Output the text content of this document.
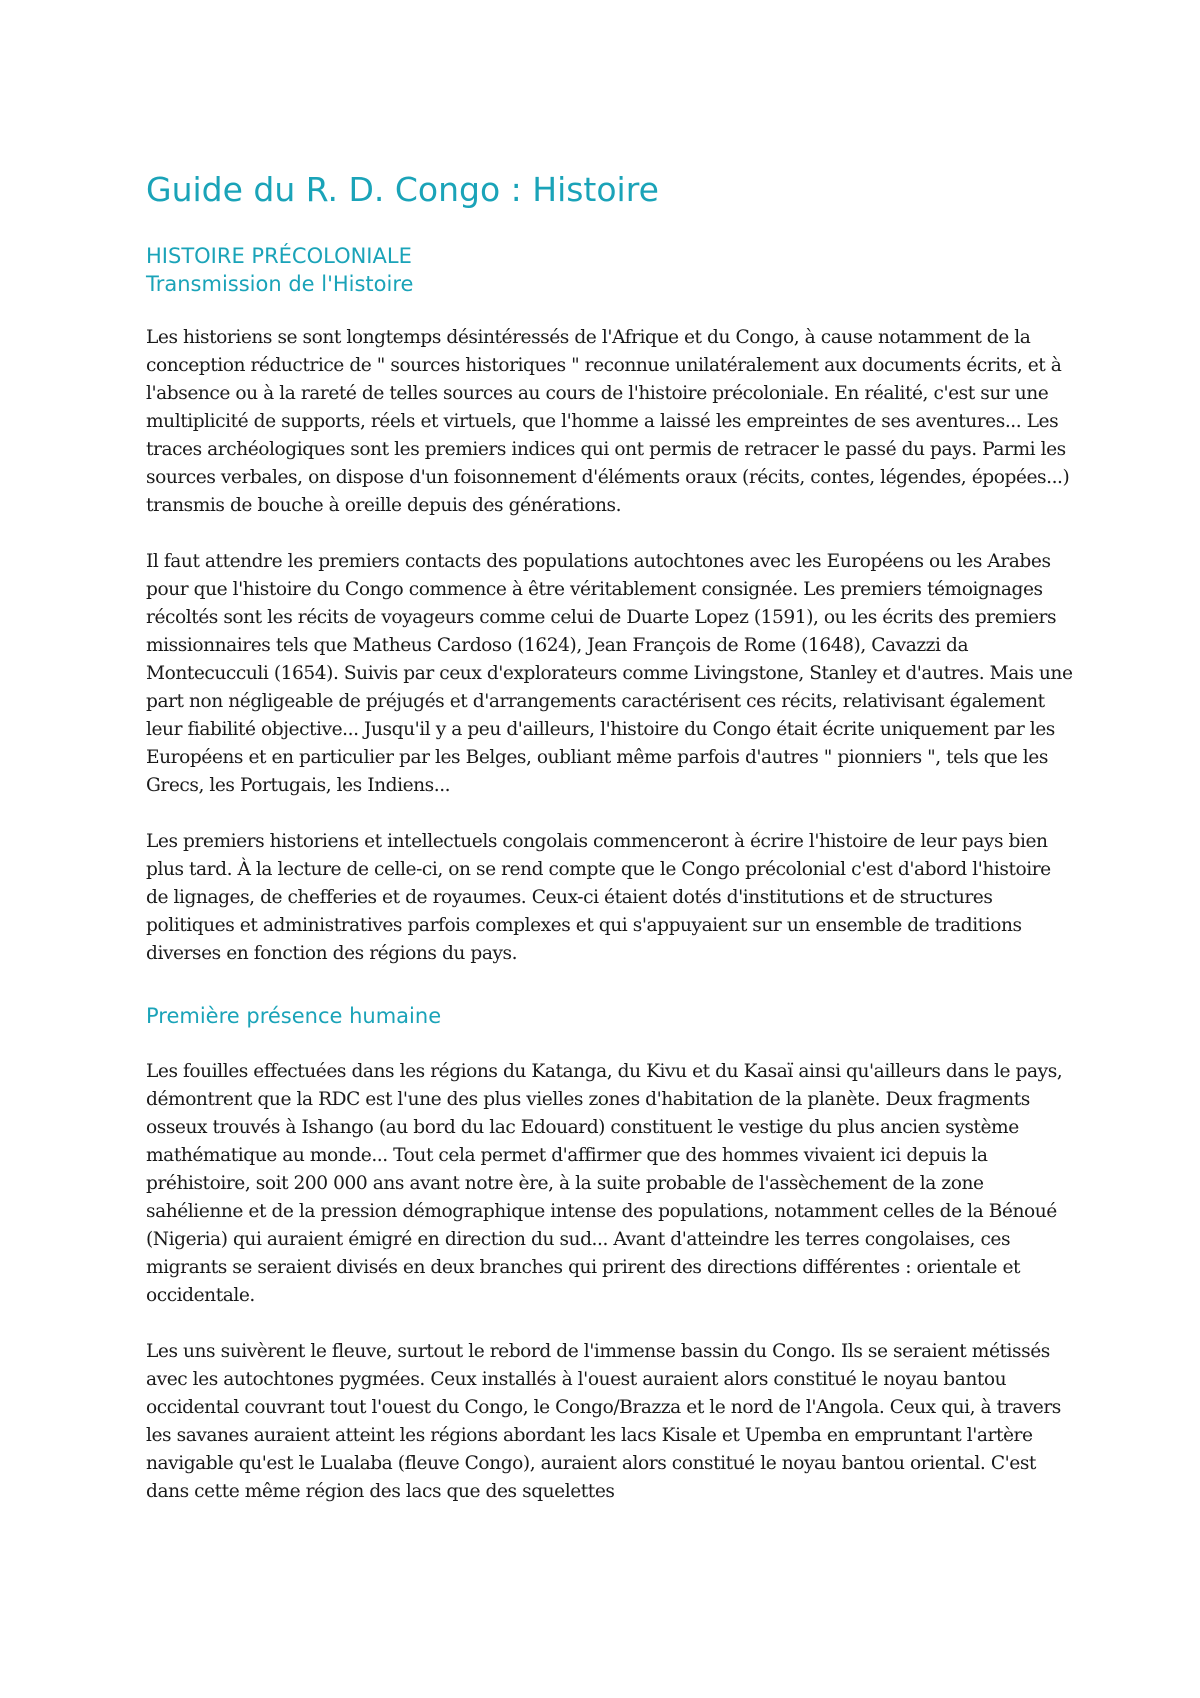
Guide du R. D. Congo : Histoire
HISTOIRE PRÉCOLONIALE
Transmission de l'Histoire

Les historiens se sont longtemps désintéressés de l'Afrique et du Congo, à cause notamment de la conception réductrice de " sources historiques " reconnue unilatéralement aux documents écrits, et à l'absence ou à la rareté de telles sources au cours de l'histoire précoloniale. En réalité, c'est sur une multiplicité de supports, réels et virtuels, que l'homme a laissé les empreintes de ses aventures... Les traces archéologiques sont les premiers indices qui ont permis de retracer le passé du pays. Parmi les sources verbales, on dispose d'un foisonnement d'éléments oraux (récits, contes, légendes, épopées...) transmis de bouche à oreille depuis des générations.

Il faut attendre les premiers contacts des populations autochtones avec les Européens ou les Arabes pour que l'histoire du Congo commence à être véritablement consignée. Les premiers témoignages récoltés sont les récits de voyageurs comme celui de Duarte Lopez (1591), ou les écrits des premiers missionnaires tels que Matheus Cardoso (1624), Jean François de Rome (1648), Cavazzi da Montecucculi (1654). Suivis par ceux d'explorateurs comme Livingstone, Stanley et d'autres. Mais une part non négligeable de préjugés et d'arrangements caractérisent ces récits, relativisant également leur fiabilité objective... Jusqu'il y a peu d'ailleurs, l'histoire du Congo était écrite uniquement par les Européens et en particulier par les Belges, oubliant même parfois d'autres " pionniers ", tels que les Grecs, les Portugais, les Indiens...

Les premiers historiens et intellectuels congolais commenceront à écrire l'histoire de leur pays bien plus tard. À la lecture de celle-ci, on se rend compte que le Congo précolonial c'est d'abord l'histoire de lignages, de chefferies et de royaumes. Ceux-ci étaient dotés d'institutions et de structures politiques et administratives parfois complexes et qui s'appuyaient sur un ensemble de traditions diverses en fonction des régions du pays.

Première présence humaine

Les fouilles effectuées dans les régions du Katanga, du Kivu et du Kasaï ainsi qu'ailleurs dans le pays, démontrent que la RDC est l'une des plus vielles zones d'habitation de la planète. Deux fragments osseux trouvés à Ishango (au bord du lac Edouard) constituent le vestige du plus ancien système mathématique au monde... Tout cela permet d'affirmer que des hommes vivaient ici depuis la préhistoire, soit 200 000 ans avant notre ère, à la suite probable de l'assèchement de la zone sahélienne et de la pression démographique intense des populations, notamment celles de la Bénoué (Nigeria) qui auraient émigré en direction du sud... Avant d'atteindre les terres congolaises, ces migrants se seraient divisés en deux branches qui prirent des directions différentes : orientale et occidentale.

Les uns suivèrent le fleuve, surtout le rebord de l'immense bassin du Congo. Ils se seraient métissés avec les autochtones pygmées. Ceux installés à l'ouest auraient alors constitué le noyau bantou occidental couvrant tout l'ouest du Congo, le Congo/Brazza et le nord de l'Angola. Ceux qui, à travers les savanes auraient atteint les régions abordant les lacs Kisale et Upemba en empruntant l'artère navigable qu'est le Lualaba (fleuve Congo), auraient alors constitué le noyau bantou oriental. C'est dans cette même région des lacs que des squelettes
